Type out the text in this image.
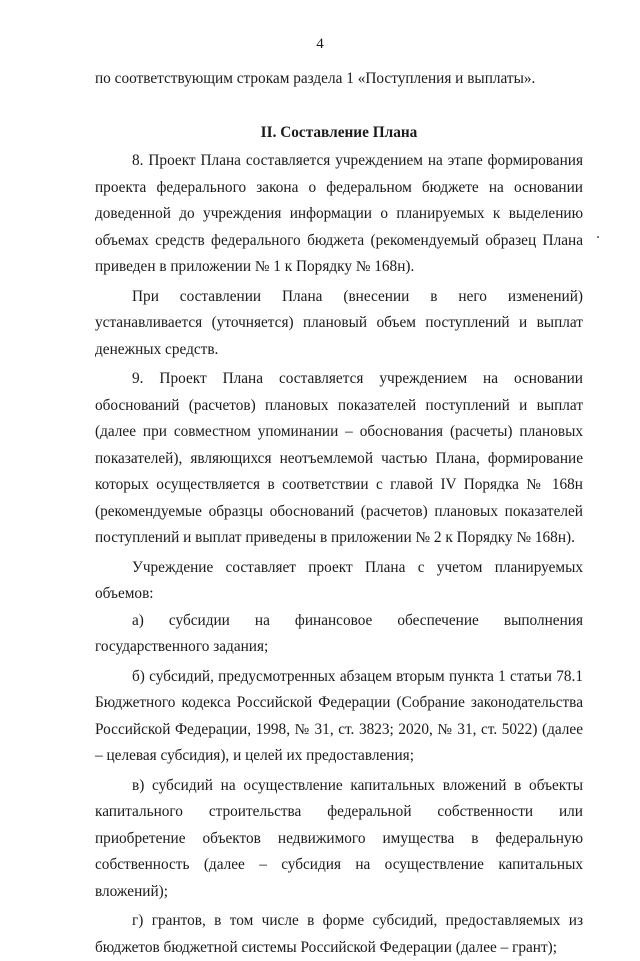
4

по соответствующим строкам раздела 1 «Поступления и выплаты».

II. Составление Плана

8. Проект Плана составляется учреждением на этапе формирования проекта федерального закона о федеральном бюджете на основании доведенной до учреждения информации о планируемых к выделению объемах средств федерального бюджета (рекомендуемый образец Плана приведен в приложении № 1 к Порядку № 168н).

При составлении Плана (внесении в него изменений) устанавливается (уточняется) плановый объем поступлений и выплат денежных средств.

9. Проект Плана составляется учреждением на основании обоснований (расчетов) плановых показателей поступлений и выплат (далее при совместном упоминании – обоснования (расчеты) плановых показателей), являющихся неотъемлемой частью Плана, формирование которых осуществляется в соответствии с главой IV Порядка № 168н (рекомендуемые образцы обоснований (расчетов) плановых показателей поступлений и выплат приведены в приложении № 2 к Порядку № 168н).

Учреждение составляет проект Плана с учетом планируемых объемов:

а) субсидии на финансовое обеспечение выполнения государственного задания;

б) субсидий, предусмотренных абзацем вторым пункта 1 статьи 78.1 Бюджетного кодекса Российской Федерации (Собрание законодательства Российской Федерации, 1998, № 31, ст. 3823; 2020, № 31, ст. 5022) (далее – целевая субсидия), и целей их предоставления;

в) субсидий на осуществление капитальных вложений в объекты капитального строительства федеральной собственности или приобретение объектов недвижимого имущества в федеральную собственность (далее – субсидия на осуществление капитальных вложений);

г) грантов, в том числе в форме субсидий, предоставляемых из бюджетов бюджетной системы Российской Федерации (далее – грант);
